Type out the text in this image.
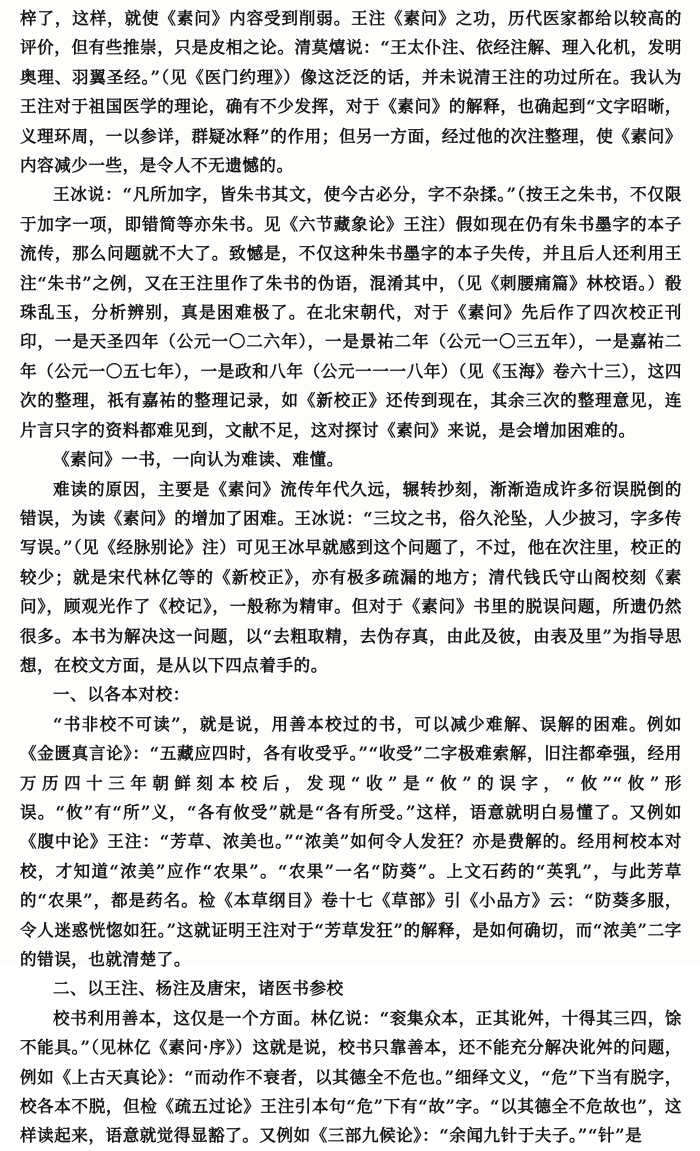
梓了，这样，就使《素问》内容受到削弱。王注《素问》之功，历代医家都给以较高的评价，但有些推崇，只是皮相之论。清莫熺说：“王太仆注、依经注解、理入化机，发明奥理、羽翼圣经。”（见《医门约理》）像这泛泛的话，并未说清王注的功过所在。我认为王注对于祖国医学的理论，确有不少发挥，对于《素问》的解释，也确起到“文字昭晰，义理环周，一以参详，群疑冰释”的作用；但另一方面，经过他的次注整理，使《素问》内容减少一些，是令人不无遗憾的。

王冰说：“凡所加字，皆朱书其文，使今古必分，字不杂揉。”（按王之朱书，不仅限于加字一项，即错简等亦朱书。见《六节藏象论》王注）假如现在仍有朱书墨字的本子流传，那么问题就不大了。致憾是，不仅这种朱书墨字的本子失传，并且后人还利用王注“朱书”之例，又在王注里作了朱书的伪语，混淆其中，（见《刺腰痛篇》林校语。）殽珠乱玉，分析辨别，真是困难极了。在北宋朝代，对于《素问》先后作了四次校正刊印，一是天圣四年（公元一〇二六年），一是景祐二年（公元一〇三五年），一是嘉祐二年（公元一〇五七年），一是政和八年（公元一一一八年）（见《玉海》卷六十三），这四次的整理，祇有嘉祐的整理记录，如《新校正》还传到现在，其余三次的整理意见，连片言只字的资料都难见到，文献不足，这对探讨《素问》来说，是会增加困难的。

《素问》一书，一向认为难读、难懂。

难读的原因，主要是《素问》流传年代久远，辗转抄刻，渐渐造成许多衍误脱倒的错误，为读《素问》的增加了困难。王冰说：“三坟之书，俗久沦坠，人少披习，字多传写误。”（见《经脉别论》注）可见王冰早就感到这个问题了，不过，他在次注里，校正的较少；就是宋代林亿等的《新校正》，亦有极多疏漏的地方；清代钱氏守山阁校刻《素问》，顾观光作了《校记》，一般称为精审。但对于《素问》书里的脱误问题，所遗仍然很多。本书为解决这一问题，以“去粗取精，去伪存真，由此及彼，由表及里”为指导思想，在校文方面，是从以下四点着手的。

一、以各本对校：

“书非校不可读”，就是说，用善本校过的书，可以减少难解、误解的困难。例如《金匮真言论》：“五藏应四时，各有收受乎。”“收受”二字极难索解，旧注都牵强，经用万历四十三年朝鲜刻本校后，发现“收”是“攸”的误字，“攸”“攸”形误。“攸”有“所”义，“各有攸受”就是“各有所受。”这样，语意就明白易懂了。又例如《腹中论》王注：“芳草、浓美也。”“浓美”如何令人发狂？亦是费解的。经用柯校本对校，才知道“浓美”应作“农果”。“农果”一名“防葵”。上文石药的“英乳”，与此芳草的“农果”，都是药名。检《本草纲目》卷十七《草部》引《小品方》云：“防葵多服，令人迷惑恍惚如狂。”这就证明王注对于“芳草发狂”的解释，是如何确切，而“浓美”二字的错误，也就清楚了。

二、以王注、杨注及唐宋，诸医书参校

校书利用善本，这仅是一个方面。林亿说：“衮集众本，正其讹舛，十得其三四，馀不能具。”（见林亿《素问·序》）这就是说，校书只靠善本，还不能充分解决讹舛的问题，例如《上古天真论》：“而动作不衰者，以其德全不危也。”细绎文义，“危”下当有脱字，校各本不脱，但检《疏五过论》王注引本句“危”下有“故”字。“以其德全不危故也”，这样读起来，语意就觉得显豁了。又例如《三部九候论》：“余闻九针于夫子。”“针”是
